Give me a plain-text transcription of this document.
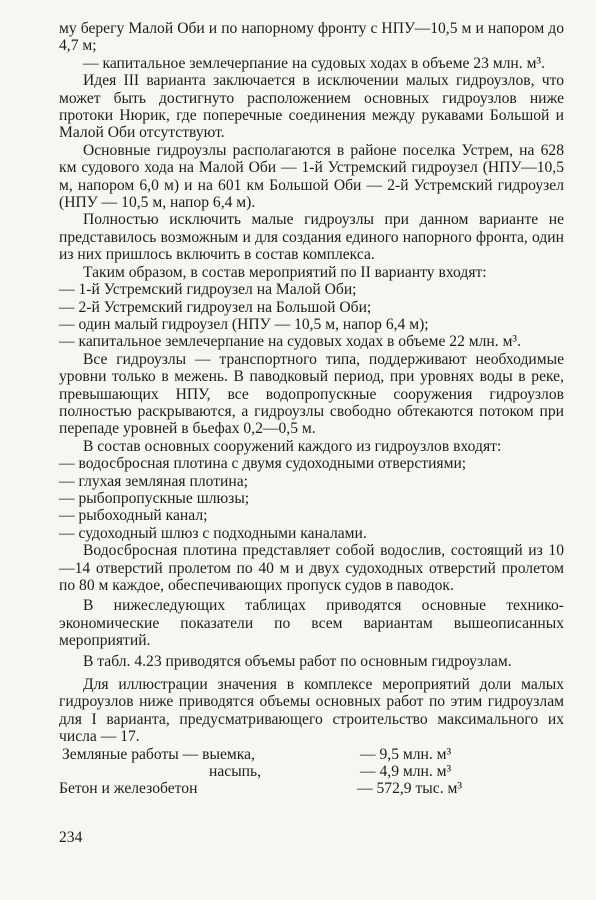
му берегу Малой Оби и по напорному фронту с НПУ—10,5 м и напором до 4,7 м;

— капитальное землечерпание на судовых ходах в объеме 23 млн. м³.

Идея III варианта заключается в исключении малых гидроузлов, что может быть достигнуто расположением основных гидроузлов ниже протоки Нюрик, где поперечные соединения между рукавами Большой и Малой Оби отсутствуют.

Основные гидроузлы располагаются в районе поселка Устрем, на 628 км судового хода на Малой Оби — 1-й Устремский гидроузел (НПУ—10,5 м, напором 6,0 м) и на 601 км Большой Оби — 2-й Устремский гидроузел (НПУ — 10,5 м, напор 6,4 м).

Полностью исключить малые гидроузлы при данном варианте не представилось возможным и для создания единого напорного фронта, один из них пришлось включить в состав комплекса.

Таким образом, в состав мероприятий по II варианту входят:

— 1-й Устремский гидроузел на Малой Оби;

— 2-й Устремский гидроузел на Большой Оби;

— один малый гидроузел (НПУ — 10,5 м, напор 6,4 м);

— капитальное землечерпание на судовых ходах в объеме 22 млн. м³.

Все гидроузлы — транспортного типа, поддерживают необходимые уровни только в межень. В паводковый период, при уровнях воды в реке, превышающих НПУ, все водопропускные сооружения гидроузлов полностью раскрываются, а гидроузлы свободно обтекаются потоком при перепаде уровней в бьефах 0,2—0,5 м.

В состав основных сооружений каждого из гидроузлов входят:

— водосбросная плотина с двумя судоходными отверстиями;

— глухая земляная плотина;

— рыбопропускные шлюзы;

— рыбоходный канал;

— судоходный шлюз с подходными каналами.

Водосбросная плотина представляет собой водослив, состоящий из 10—14 отверстий пролетом по 40 м и двух судоходных отверстий пролетом по 80 м каждое, обеспечивающих пропуск судов в паводок.

В нижеследующих таблицах приводятся основные технико-экономические показатели по всем вариантам вышеописанных мероприятий.

В табл. 4.23 приводятся объемы работ по основным гидроузлам.

Для иллюстрации значения в комплексе мероприятий доли малых гидроузлов ниже приводятся объемы основных работ по этим гидроузлам для I варианта, предусматривающего строительство максимального их числа — 17.

Земляные работы — выемка,	— 9,5 млн. м³
насыпь,	— 4,9 млн. м³
Бетон и железобетон	— 572,9 тыс. м³
234
